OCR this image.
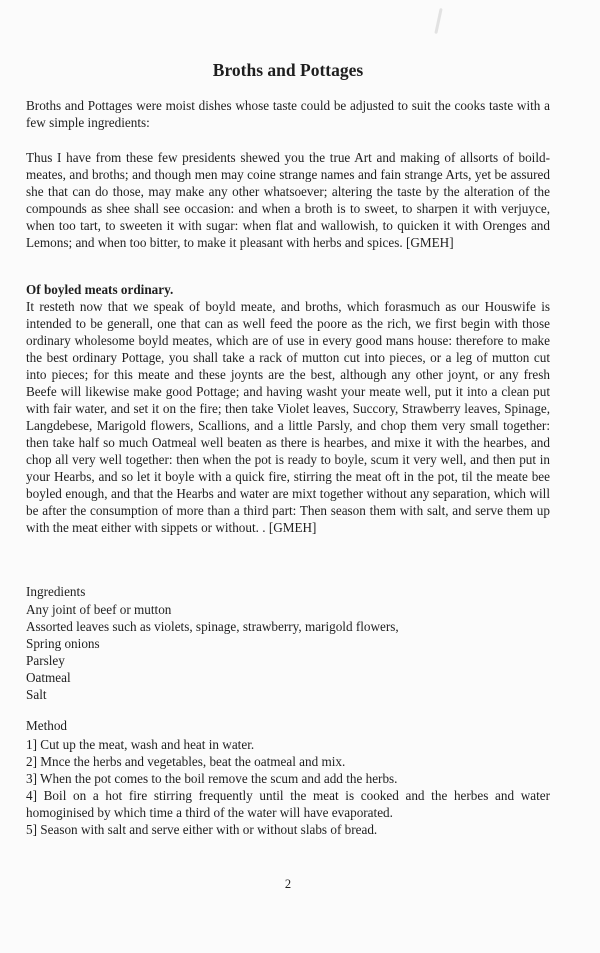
Broths and Pottages

Broths and Pottages were moist dishes whose taste could be adjusted to suit the cooks taste with a few simple ingredients:

Thus I have from these few presidents shewed you the true Art and making of allsorts of boild-meates, and broths; and though men may coine strange names and fain strange Arts, yet be assured she that can do those, may make any other whatsoever; altering the taste by the alteration of the compounds as shee shall see occasion: and when a broth is to sweet, to sharpen it with verjuyce, when too tart, to sweeten it with sugar: when flat and wallowish, to quicken it with Orenges and Lemons; and when too bitter, to make it pleasant with herbs and spices. [GMEH]

Of boyled meats ordinary.

It resteth now that we speak of boyld meate, and broths, which forasmuch as our Houswife is intended to be generall, one that can as well feed the poore as the rich, we first begin with those ordinary wholesome boyld meates, which are of use in every good mans house: therefore to make the best ordinary Pottage, you shall take a rack of mutton cut into pieces, or a leg of mutton cut into pieces; for this meate and these joynts are the best, although any other joynt, or any fresh Beefe will likewise make good Pottage; and having washt your meate well, put it into a clean put with fair water, and set it on the fire; then take Violet leaves, Succory, Strawberry leaves, Spinage, Langdebese, Marigold flowers, Scallions, and a little Parsly, and chop them very small together: then take half so much Oatmeal well beaten as there is hearbes, and mixe it with the hearbes, and chop all very well together: then when the pot is ready to boyle, scum it very well, and then put in your Hearbs, and so let it boyle with a quick fire, stirring the meat oft in the pot, til the meate bee boyled enough, and that the Hearbs and water are mixt together without any separation, which will be after the consumption of more than a third part: Then season them with salt, and serve them up with the meat either with sippets or without. . [GMEH]

Ingredients
Any joint of beef or mutton
Assorted leaves such as violets, spinage, strawberry, marigold flowers,
Spring onions
Parsley
Oatmeal
Salt
Method
1] Cut up the meat, wash and heat in water.
2] Mnce the herbs and vegetables, beat the oatmeal and mix.
3] When the pot comes to the boil remove the scum and add the herbs.
4] Boil on a hot fire stirring frequently until the meat is cooked and the herbes and water homoginised by which time a third of the water will have evaporated.
5] Season with salt and serve either with or without slabs of bread.
2
